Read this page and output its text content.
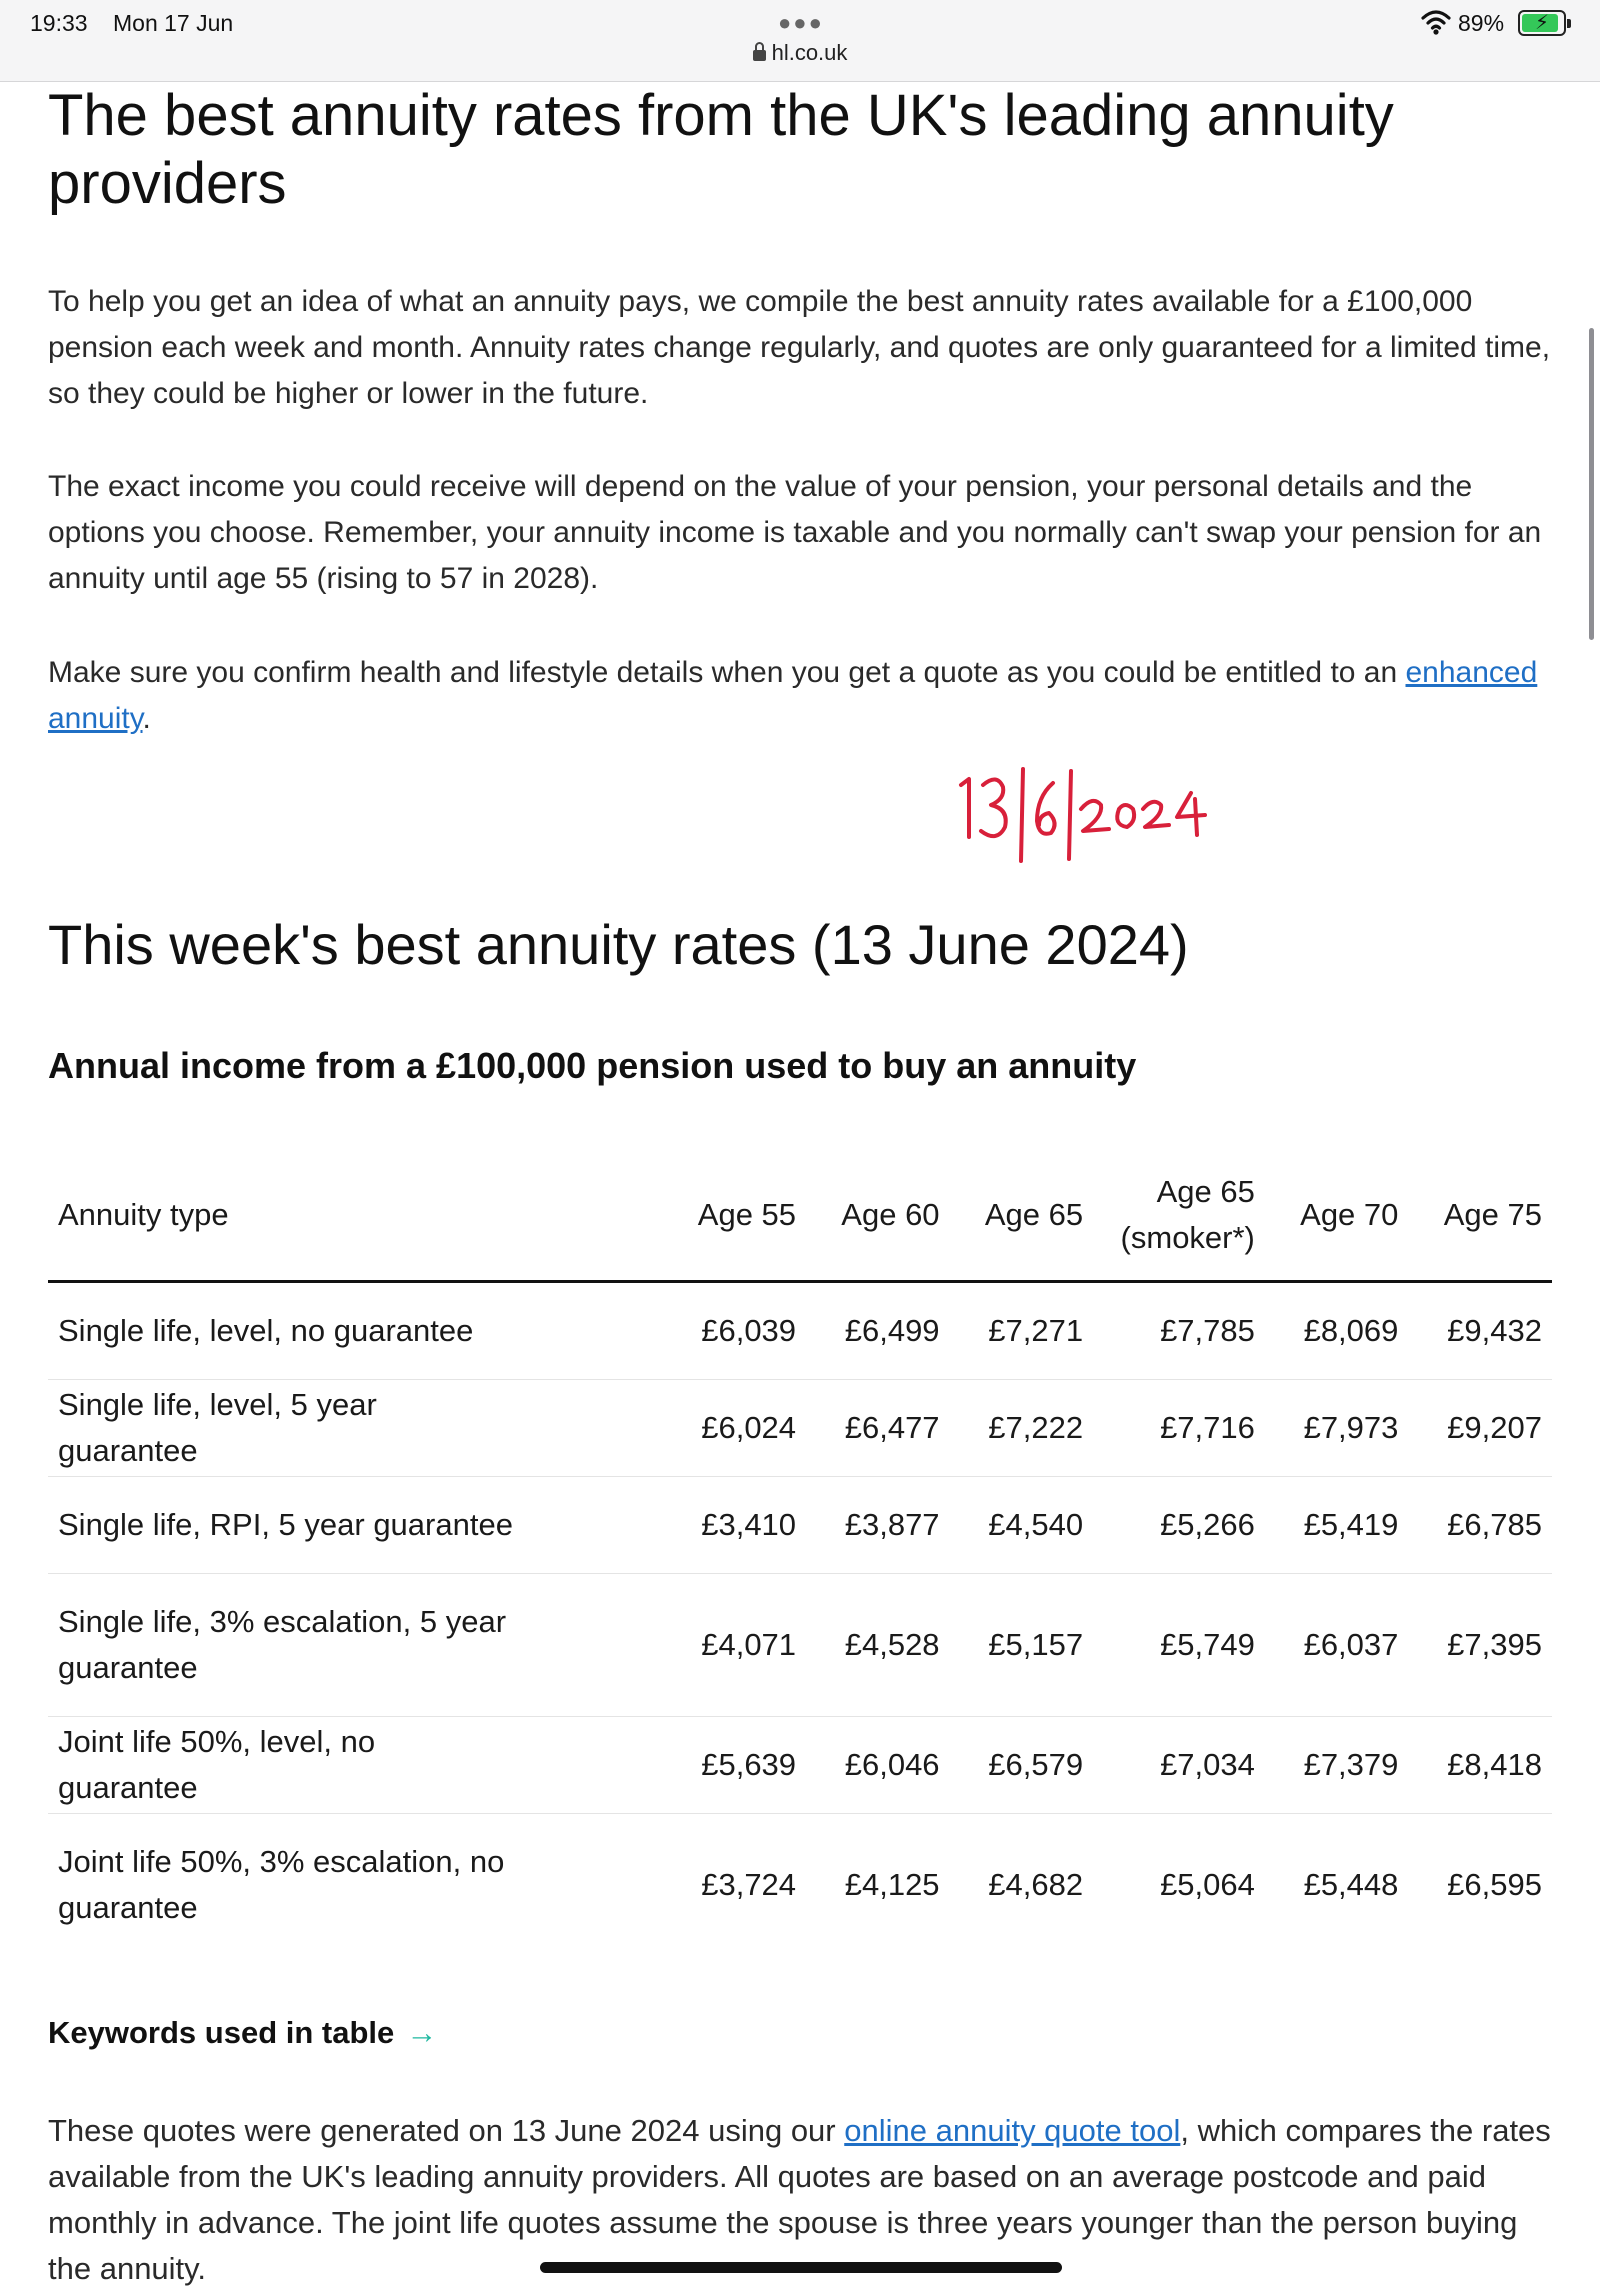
19:33 Mon 17 Jun	●●●
hl.co.uk
89% ⚡
The best annuity rates from the UK's leading annuity providers

To help you get an idea of what an annuity pays, we compile the best annuity rates available for a £100,000 pension each week and month. Annuity rates change regularly, and quotes are only guaranteed for a limited time, so they could be higher or lower in the future.

The exact income you could receive will depend on the value of your pension, your personal details and the options you choose. Remember, your annuity income is taxable and you normally can't swap your pension for an annuity until age 55 (rising to 57 in 2028).

Make sure you confirm health and lifestyle details when you get a quote as you could be entitled to an enhanced annuity.

13|6|2024
This week's best annuity rates (13 June 2024)
Annual income from a £100,000 pension used to buy an annuity
Annuity type	Age 55	Age 60	Age 65	Age 65 (smoker*)	Age 70	Age 75
Single life, level, no guarantee	£6,039	£6,499	£7,271	£7,785	£8,069	£9,432
Single life, level, 5 year guarantee	£6,024	£6,477	£7,222	£7,716	£7,973	£9,207
Single life, RPI, 5 year guarantee	£3,410	£3,877	£4,540	£5,266	£5,419	£6,785
Single life, 3% escalation, 5 year guarantee	£4,071	£4,528	£5,157	£5,749	£6,037	£7,395
Joint life 50%, level, no guarantee	£5,639	£6,046	£6,579	£7,034	£7,379	£8,418
Joint life 50%, 3% escalation, no guarantee	£3,724	£4,125	£4,682	£5,064	£5,448	£6,595
Keywords used in table →

These quotes were generated on 13 June 2024 using our online annuity quote tool, which compares the rates available from the UK's leading annuity providers. All quotes are based on an average postcode and paid monthly in advance. The joint life quotes assume the spouse is three years younger than the person buying the annuity.
